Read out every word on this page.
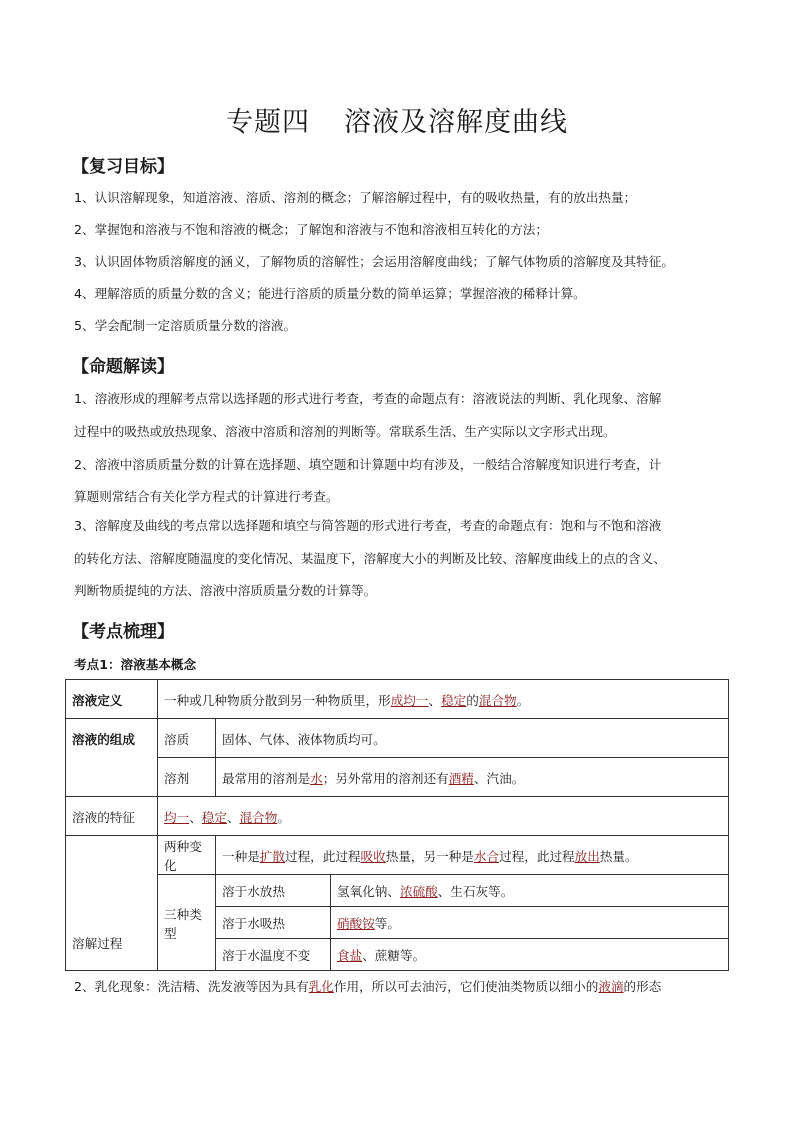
专题四 溶液及溶解度曲线
【复习目标】
1、认识溶解现象，知道溶液、溶质、溶剂的概念；了解溶解过程中，有的吸收热量，有的放出热量；
2、掌握饱和溶液与不饱和溶液的概念；了解饱和溶液与不饱和溶液相互转化的方法；
3、认识固体物质溶解度的涵义，了解物质的溶解性；会运用溶解度曲线；了解气体物质的溶解度及其特征。
4、理解溶质的质量分数的含义；能进行溶质的质量分数的简单运算；掌握溶液的稀释计算。
5、学会配制一定溶质质量分数的溶液。
【命题解读】
1、溶液形成的理解考点常以选择题的形式进行考查，考查的命题点有：溶液说法的判断、乳化现象、溶解
过程中的吸热或放热现象、溶液中溶质和溶剂的判断等。常联系生活、生产实际以文字形式出现。
2、溶液中溶质质量分数的计算在选择题、填空题和计算题中均有涉及，一般结合溶解度知识进行考查，计
算题则常结合有关化学方程式的计算进行考查。
3、溶解度及曲线的考点常以选择题和填空与简答题的形式进行考查，考查的命题点有：饱和与不饱和溶液
的转化方法、溶解度随温度的变化情况、某温度下，溶解度大小的判断及比较、溶解度曲线上的点的含义、
判断物质提纯的方法、溶液中溶质质量分数的计算等。
【考点梳理】
考点1：溶液基本概念
溶液定义	一种或几种物质分散到另一种物质里，形成均一、稳定的混合物。		
溶液的组成	溶质	固体、气体、液体物质均可。	
	溶剂	最常用的溶剂是水；另外常用的溶剂还有酒精、汽油。	
溶液的特征	均一、稳定、混合物。		
溶解过程	两种变化	一种是扩散过程，此过程吸收热量，另一种是水合过程，此过程放出热量。	
	三种类型	溶于水放热	氢氧化钠、浓硫酸、生石灰等。
		溶于水吸热	硝酸铵等。
		溶于水温度不变	食盐、蔗糖等。
2、乳化现象：洗洁精、洗发液等因为具有乳化作用，所以可去油污，它们使油类物质以细小的液滴的形态
